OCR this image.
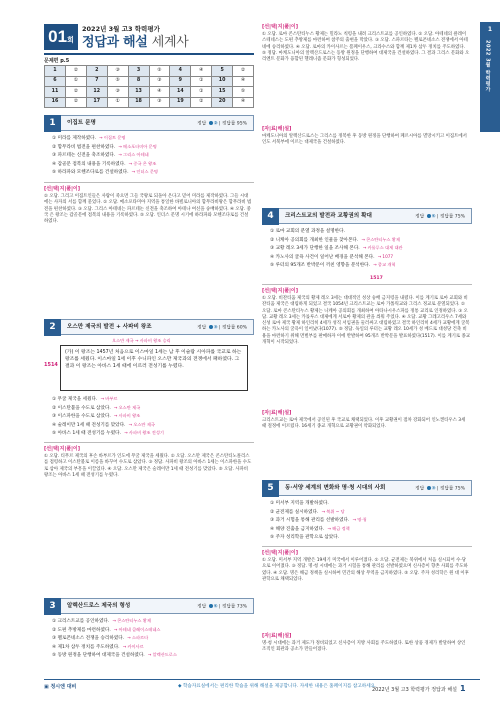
01회
2022년 3월 고3 학력평가
정답과 해설 세계사
문제편 p.5
1	②	2	③	3	⑤	4	④	5	②
6	①	7	⑤	8	③	9	①	10	④
11	②	12	③	13	④	14	①	15	⑤
16	②	17	①	18	③	19	②	20	④
1	이집트 문명	정답 ② | 정답률 95%
① 미라를 제작하였다. → 이집트 문명
② 함무라비 법전을 편찬하였다. → 메소포타미아 문명
③ 파르테논 신전을 축조하였다. → 그리스 아테네
④ 갑골문 점복의 내용을 기록하였다. → 중국 은 왕조
⑤ 하라파와 모헨조다로를 건설하였다. → 인더스 문명
[선|택|지|풀|이]
② 오답. 그리고 이집트인들은 사람이 죽으면 그들 국왕로 되돌아 온다고 믿어 미라를 제작하였다. 그들 시대에는 사자의 서를 함께 묻었다. ② 오답. 메소포타미아 지역을 통일한 바빌로니아의 함무라비왕은 함무라비 법전을 편찬하였다. ③ 오답. 그리스 아테네는 파르테논 신전을 축조하여 아테나 여신을 숭배하였다. ④ 오답. 중국 은 왕조는 갑골문에 점복의 내용을 기록하였다. ⑤ 오답. 인더스 문명 시기에 하라파와 모헨조다로를 건설하였다.
2	오스만 제국의 발전 + 사파비 왕조	정답 ③ | 정답률 60%
오스만 제국 → 사파비 왕조 승리
1514
(가) 이 왕조는 1457년 처음으로 이스마일 1세는 남 후 이슬람 시아파를 국교로 하는 왕조를 세웠다. 이스마일 1세 이후 수니파인 오스만 제국과의 전쟁에서 패하였다. 그 결과 이 왕조는 아바스 1세 때에 이르러 전성기를 누렸다.
① 무굴 제국을 세웠다. → 바부르
② 이스탄불을 수도로 삼았다. → 오스만 제국
③ 이스파한을 수도로 삼았다. → 사파비 왕조
④ 술레이만 1세 때 전성기를 맞았다. → 오스만 제국
⑤ 아바스 1세 때 전성기를 누렸다. → 사파비 왕조 전성기
[선|택|지|풀|이]
① 오답. 티무르 제국의 후손 바부르가 인도에 무굴 제국을 세웠다. ② 오답. 오스만 제국은 콘스탄티노폴리스를 점령하고 이스탄불로 이름을 바꾸어 수도로 삼았다. ③ 정답. 사파비 왕조의 아바스 1세는 이스파한을 수도로 삼아 제국의 부흥을 이끌었다. ④ 오답. 오스만 제국은 술레이만 1세 때 전성기를 맞았다. ⑤ 오답. 사파비 왕조는 아바스 1세 때 전성기를 누렸다.
3	알렉산드로스 제국의 형성	정답 ⑤ | 정답률 73%
① 크리스트교를 공인하였다. → 콘스탄티누스 황제
② 도편 추방제를 마련하였다. → 아테네 클레이스테네스
③ 펠로폰네소스 전쟁을 승리하였다. → 스파르타
④ 제1차 삼두 정치를 주도하였다. → 카이사르
⑤ 동방 원정을 단행하여 대제국을 건설하였다. → 알렉산드로스
[선|택|지|풀|이]
① 오답. 로마 콘스탄티누스 황제는 밀라노 칙령을 내려 크리스트교를 공인하였다. ② 오답. 아테네의 클레이스테네스는 도편 추방제를 마련하여 참주의 출현을 막았다. ③ 오답. 스파르타는 펠로폰네소스 전쟁에서 아테네에 승리하였다. ④ 오답. 로마의 카이사르는 폼페이우스, 크라수스와 함께 제1차 삼두 정치를 주도하였다. ⑤ 정답. 마케도니아의 알렉산드로스는 동방 원정을 단행하여 대제국을 건설하였다. 그 결과 그리스 문화와 오리엔트 문화가 융합된 헬레니즘 문화가 형성되었다.
[자|료|해|설]
마케도니아의 알렉산드로스는 그리스를 정복한 후 동방 원정을 단행하여 페르시아를 멸망시키고 이집트에서 인도 서북부에 이르는 대제국을 건설하였다.
4	크리스트교의 발전과 교황권의 확대	정답 ⑤ | 정답률 75%
① 로마 교회의 분열 과정을 설명한다.
② 니케아 공의회를 개최한 인물을 찾아본다. → 콘스탄티누스 황제
③ 교황 레오 3세가 단행한 일을 조사해 본다. → 카롤루스 대제 대관
④ 카노사의 굴욕 사건이 일어난 배경을 분석해 본다. → 1077
⑤ 루터의 95개조 반박문이 끼친 영향을 분석한다. → 종교 개혁
1517
[선|택|지|풀|이]
① 오답. 비잔티움 제국의 황제 레오 3세는 대대적인 성상 숭배 금지령을 내렸다. 이를 계기로 로마 교회와 비잔티움 제국은 대립하게 되었고 결국 1054년 크리스트교는 로마 가톨릭교와 그리스 정교로 분열되었다. ② 오답. 로마 콘스탄티누스 황제는 니케아 공의회를 개최하여 아타나시우스파를 정통 교리로 인정하였다. ③ 오답. 교황 레오 3세는 카롤루스 대제에게 서로마 황제의 관을 씌워 주었다. ④ 오답. 교황 그레고리우스 7세와 신성 로마 제국 황제 하인리히 4세가 성직 서임권을 둘러싸고 대립하였고 결국 하인리히 4세가 교황에게 굴복하는 카노사의 굴욕이 일어났다(1077). ⑤ 정답. 독일의 루터는 교황 레오 10세가 성 베드로 대성당 건축 비용을 마련하기 위해 면벌부를 판매하자 이에 반발하여 95개조 반박문을 발표하였다(1517). 이를 계기로 종교 개혁이 시작되었다.
[자|료|해|설]
크리스트교는 로마 제국에서 공인된 후 국교로 채택되었다. 이후 교황권이 점차 강화되어 인노켄티우스 3세 때 절정에 이르렀다. 16세기 종교 개혁으로 교황권이 약화되었다.
5	동·서양 세계의 변화와 명·청 시대의 사회	정답 ③ | 정답률 75%
① 미서부 지역을 개발하였다.
② 균전제를 실시하였다. → 북위 ~ 당
③ 과거 시험을 통해 관리를 선발하였다. → 명·청
④ 해양 진출을 금지하였다. → 해금 정책
⑤ 주자 성리학을 관학으로 삼았다.
[선|택|지|풀|이]
① 오답. 미서부 지역 개발은 19세기 미국에서 이루어졌다. ② 오답. 균전제는 북위에서 처음 실시되어 수·당으로 이어졌다. ③ 정답. 명·청 시대에는 과거 시험을 통해 관리를 선발하였으며 신사층이 향촌 사회를 주도하였다. ④ 오답. 명은 해금 정책을 실시하여 민간의 해상 무역을 금지하였다. ⑤ 오답. 주자 성리학은 원 대 이후 관학으로 채택되었다.
[자|료|해|설]
명·청 시대에는 과거 제도가 정비되었고 신사층이 지방 사회를 주도하였다. 또한 상품 경제가 발달하여 상인 조직인 회관과 공소가 만들어졌다.
1
2022 3월 학력평가
▣ 정시엔 대비	◆ 학습자료실에서는 편리한 학습을 위해 해설을 제공합니다. 자세한 내용은 홈페이지를 참고하세요.
2022년 3월 고3 학력평가 정답과 해설 1
